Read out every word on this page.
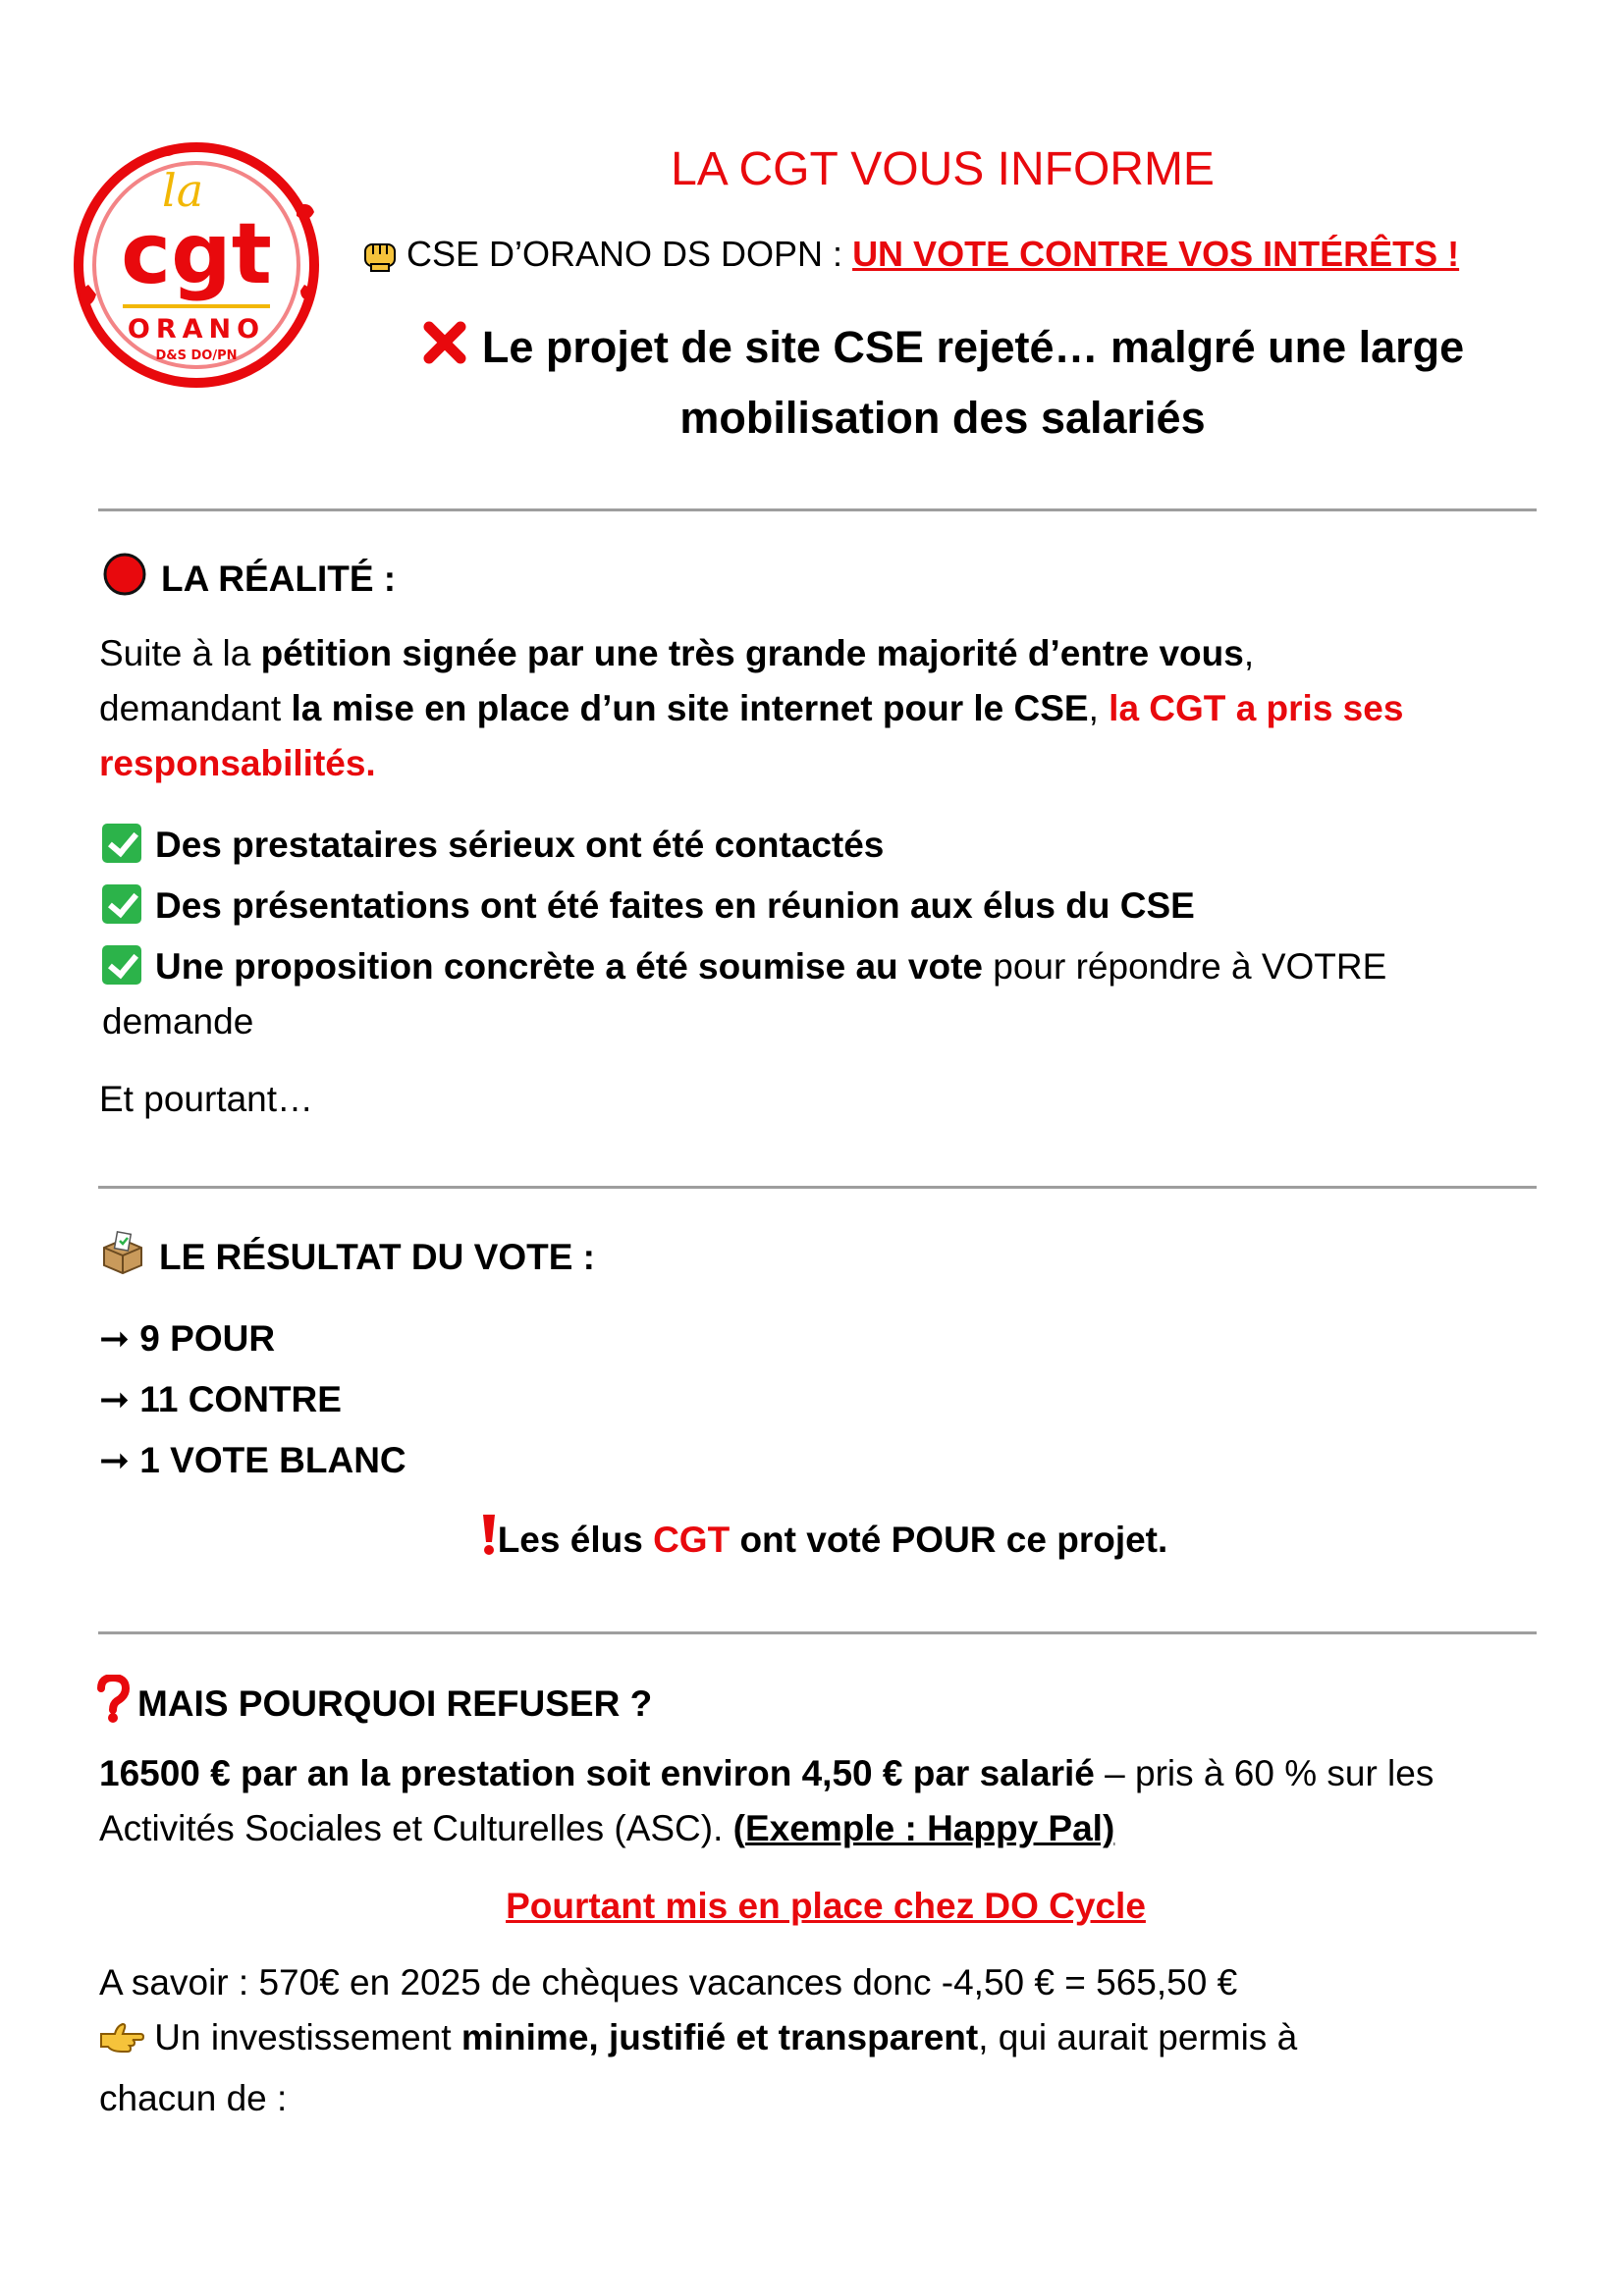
la
cgt
ORANO
D&S DO/PN
LA CGT VOUS INFORME
CSE D’ORANO DS DOPN : UN VOTE CONTRE VOS INTÉRÊTS !
Le projet de site CSE rejeté… malgré une large
mobilisation des salariés
LA RÉALITÉ :
Suite à la pétition signée par une très grande majorité d’entre vous,
demandant la mise en place d’un site internet pour le CSE, la CGT a pris ses
responsabilités.
Des prestataires sérieux ont été contactés
Des présentations ont été faites en réunion aux élus du CSE
Une proposition concrète a été soumise au vote pour répondre à VOTRE
demande
Et pourtant…
LE RÉSULTAT DU VOTE :
➞ 9 POUR
➞ 11 CONTRE
➞ 1 VOTE BLANC
Les élus CGT ont voté POUR ce projet.
MAIS POURQUOI REFUSER ?
16500 € par an la prestation soit environ 4,50 € par salarié – pris à 60 % sur les
Activités Sociales et Culturelles (ASC). (Exemple : Happy Pal)
Pourtant mis en place chez DO Cycle
A savoir : 570€ en 2025 de chèques vacances donc -4,50 € = 565,50 €
Un investissement minime, justifié et transparent, qui aurait permis à
chacun de :
